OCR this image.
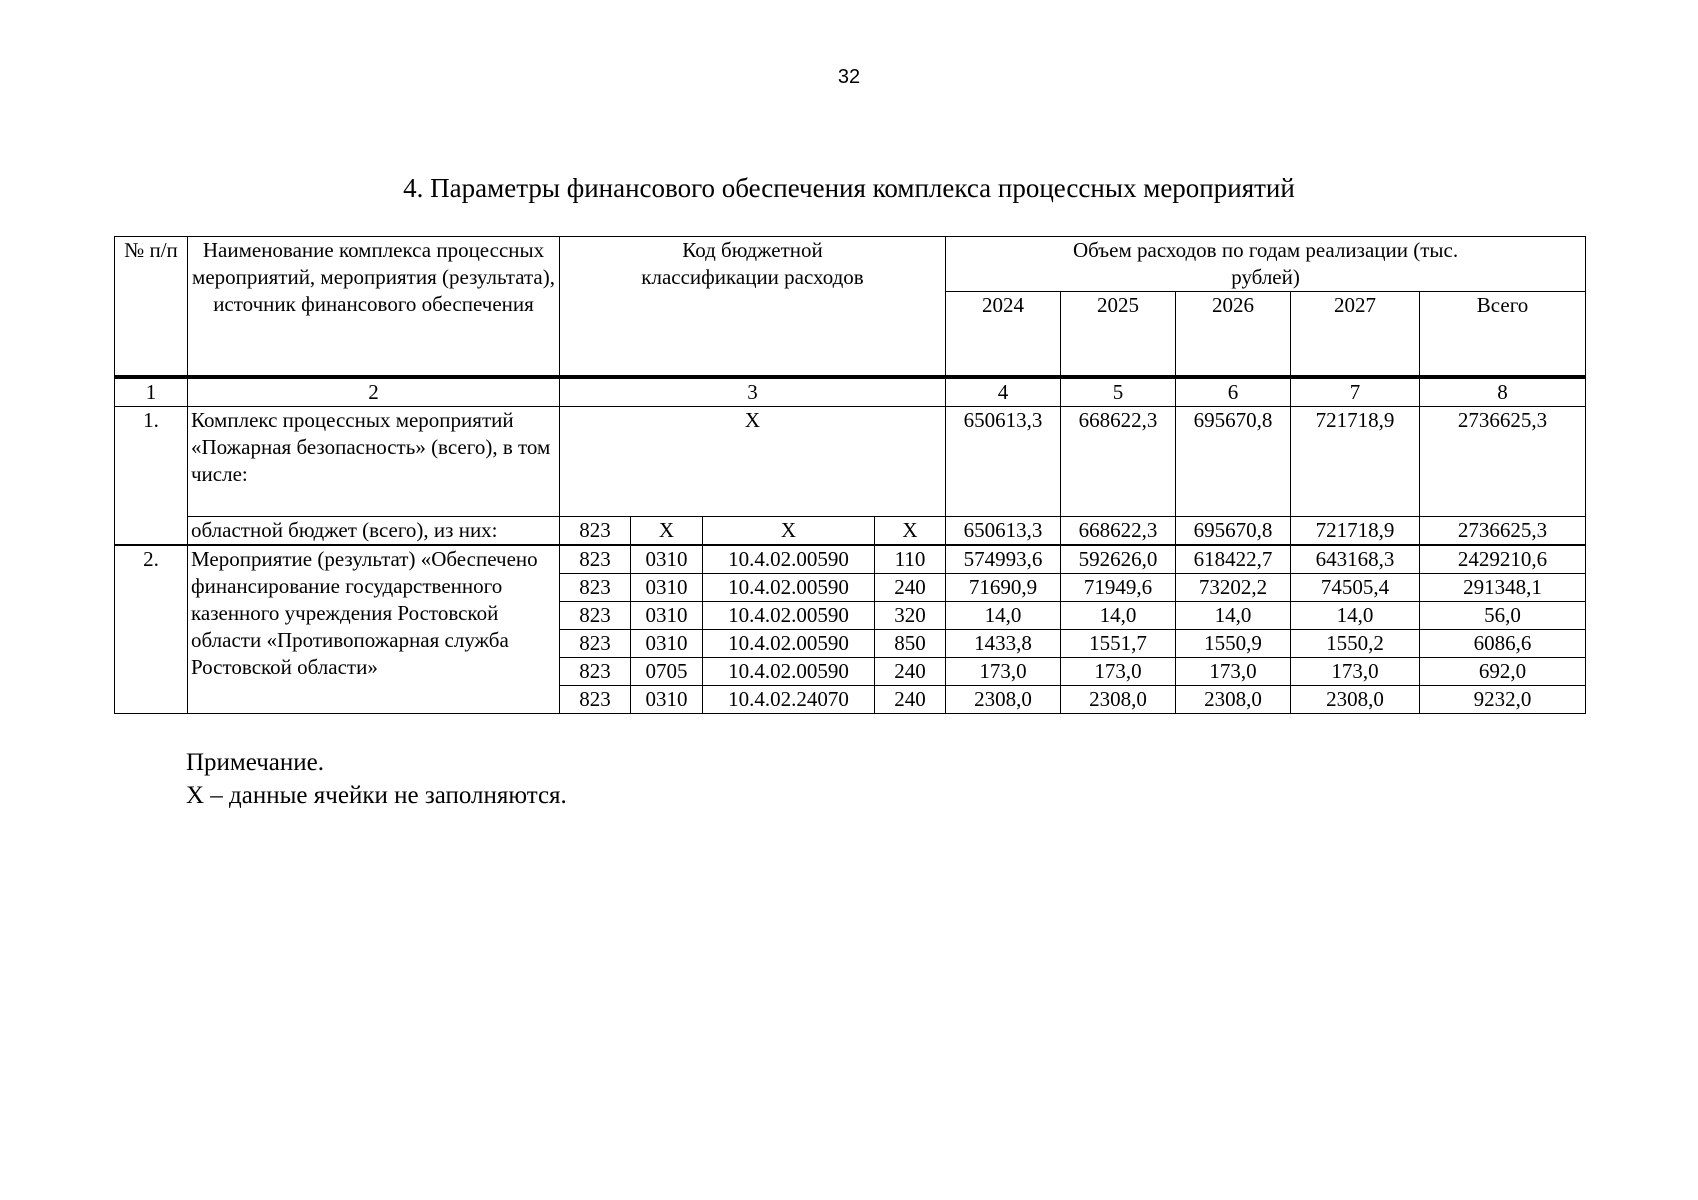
32
4. Параметры финансового обеспечения комплекса процессных мероприятий
№ п/п	Наименование комплекса процессных мероприятий, мероприятия (результата), источник финансового обеспечения	Код бюджетной классификации расходов				Объем расходов по годам реализации (тыс. рублей)				

						2024	2025	2026	2027	Всего
1	2	3				4	5	6	7	8
1.	Комплекс процессных мероприятий «Пожарная безопасность» (всего), в том числе:	X				650613,3	668622,3	695670,8	721718,9	2736625,3
	областной бюджет (всего), из них:	823	X	X	X	650613,3	668622,3	695670,8	721718,9	2736625,3
2.	Мероприятие (результат) «Обеспечено финансирование государственного казенного учреждения Ростовской области «Противопожарная служба Ростовской области»	823	0310	10.4.02.00590	110	574993,6	592626,0	618422,7	643168,3	2429210,6
		823	0310	10.4.02.00590	240	71690,9	71949,6	73202,2	74505,4	291348,1
		823	0310	10.4.02.00590	320	14,0	14,0	14,0	14,0	56,0
		823	0310	10.4.02.00590	850	1433,8	1551,7	1550,9	1550,2	6086,6
		823	0705	10.4.02.00590	240	173,0	173,0	173,0	173,0	692,0
		823	0310	10.4.02.24070	240	2308,0	2308,0	2308,0	2308,0	9232,0
Примечание.
X – данные ячейки не заполняются.
